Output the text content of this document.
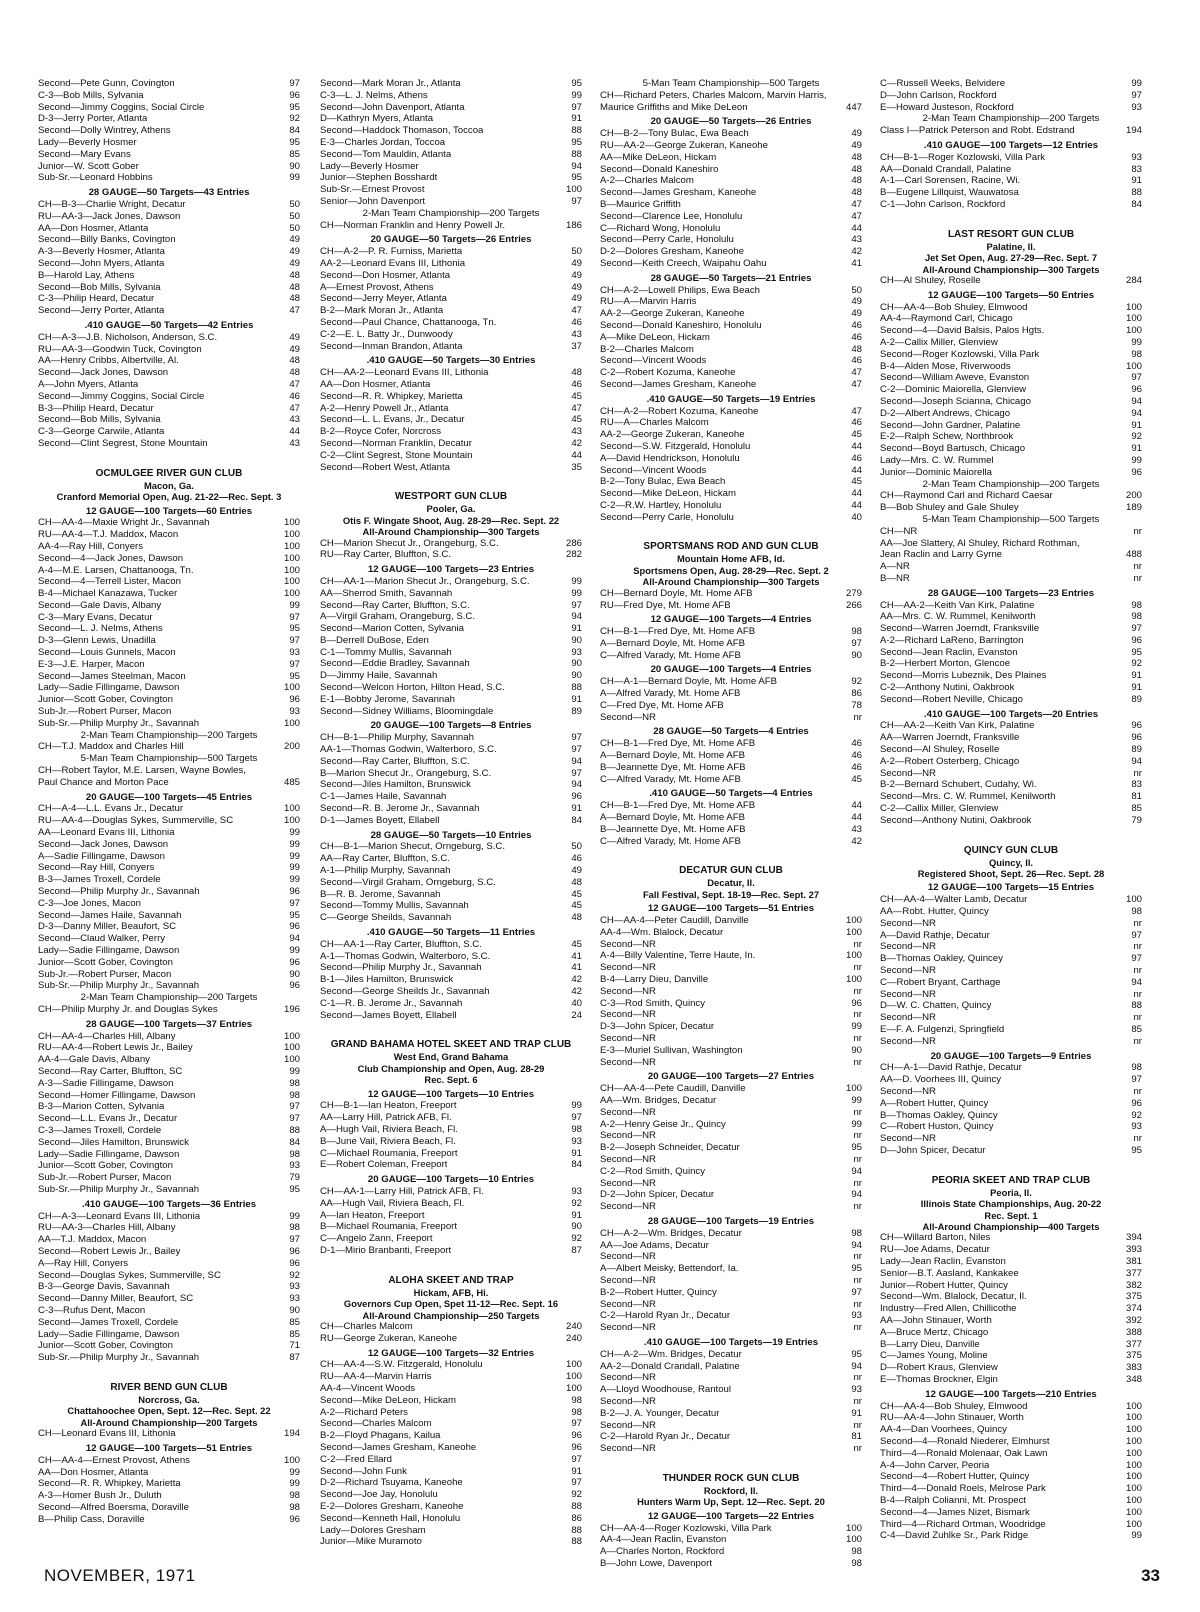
Second—Pete Gunn, Covington	97
C-3—Bob Mills, Sylvania	96
Second—Jimmy Coggins, Social Circle	95
D-3—Jerry Porter, Atlanta	92
Second—Dolly Wintrey, Athens	84
Lady—Beverly Hosmer	95
Second—Mary Evans	85
Junior—W. Scott Gober	90
Sub-Sr.—Leonard Hobbins	99
28 GAUGE—50 Targets—43 Entries
CH—B-3—Charlie Wright, Decatur	50
RU—AA-3—Jack Jones, Dawson	50
AA—Don Hosmer, Atlanta	50
Second—Billy Banks, Covington	49
A-3—Beverly Hosmer, Atlanta	49
Second—John Myers, Atlanta	49
B—Harold Lay, Athens	48
Second—Bob Mills, Sylvania	48
C-3—Philip Heard, Decatur	48
Second—Jerry Porter, Atlanta	47
.410 GAUGE—50 Targets—42 Entries
CH—A-3—J.B. Nicholson, Anderson, S.C.	49
RU—AA-3—Goodwin Tuck, Covington	49
AA—Henry Cribbs, Albertville, Al.	48
Second—Jack Jones, Dawson	48
A—John Myers, Atlanta	47
Second—Jimmy Coggins, Social Circle	46
B-3—Philip Heard, Decatur	47
Second—Bob Mills, Sylvania	43
C-3—George Carwile, Atlanta	44
Second—Clint Segrest, Stone Mountain	43
OCMULGEE RIVER GUN CLUB
Macon, Ga.
Cranford Memorial Open, Aug. 21-22—Rec. Sept. 3
12 GAUGE—100 Targets—60 Entries
CH—AA-4—Maxie Wright Jr., Savannah	100
RU—AA-4—T.J. Maddox, Macon	100
AA-4—Ray Hill, Conyers	100
Second—4—Jack Jones, Dawson	100
A-4—M.E. Larsen, Chattanooga, Tn.	100
Second—4—Terrell Lister, Macon	100
B-4—Michael Kanazawa, Tucker	100
Second—Gale Davis, Albany	99
C-3—Mary Evans, Decatur	97
Second—L. J. Nelms, Athens	95
D-3—Glenn Lewis, Unadilla	97
Second—Louis Gunnels, Macon	93
E-3—J.E. Harper, Macon	97
Second—James Steelman, Macon	95
Lady—Sadie Fillingame, Dawson	100
Junior—Scott Gober, Covington	96
Sub-Jr.—Robert Purser, Macon	93
Sub-Sr.—Philip Murphy Jr., Savannah	100
2-Man Team Championship—200 Targets
CH—T.J. Maddox and Charles Hill	200
5-Man Team Championship—500 Targets
CH—Robert Taylor, M.E. Larsen, Wayne Bowles,
Paul Chance and Morton Pace	485
20 GAUGE—100 Targets—45 Entries
CH—A-4—L.L. Evans Jr., Decatur	100
RU—AA-4—Douglas Sykes, Summerville, SC	100
AA—Leonard Evans III, Lithonia	99
Second—Jack Jones, Dawson	99
A—Sadie Fillingame, Dawson	99
Second—Ray Hill, Conyers	99
B-3—James Troxell, Cordele	99
Second—Philip Murphy Jr., Savannah	96
C-3—Joe Jones, Macon	97
Second—James Haile, Savannah	95
D-3—Danny Miller, Beaufort, SC	96
Second—Claud Walker, Perry	94
Lady—Sadie Fillingame, Dawson	99
Junior—Scott Gober, Covington	96
Sub-Jr.—Robert Purser, Macon	90
Sub-Sr.—Philip Murphy Jr., Savannah	96
2-Man Team Championship—200 Targets
CH—Philip Murphy Jr. and Douglas Sykes	196
28 GAUGE—100 Targets—37 Entries
CH—AA-4—Charles Hill, Albany	100
RU—AA-4—Robert Lewis Jr., Bailey	100
AA-4—Gale Davis, Albany	100
Second—Ray Carter, Bluffton, SC	99
A-3—Sadie Fillingame, Dawson	98
Second—Homer Fillingame, Dawson	98
B-3—Marion Cotten, Sylvania	97
Second—L.L. Evans Jr., Decatur	97
C-3—James Troxell, Cordele	88
Second—Jiles Hamilton, Brunswick	84
Lady—Sadie Fillingame, Dawson	98
Junior—Scott Gober, Covington	93
Sub-Jr.—Robert Purser, Macon	79
Sub-Sr.—Philip Murphy Jr., Savannah	95
.410 GAUGE—100 Targets—36 Entries
CH—A-3—Leonard Evans III, Lithonia	99
RU—AA-3—Charles Hill, Albany	98
AA—T.J. Maddox, Macon	97
Second—Robert Lewis Jr., Bailey	96
A—Ray Hill, Conyers	96
Second—Douglas Sykes, Summerville, SC	92
B-3—George Davis, Savannah	93
Second—Danny Miller, Beaufort, SC	93
C-3—Rufus Dent, Macon	90
Second—James Troxell, Cordele	85
Lady—Sadie Fillingame, Dawson	85
Junior—Scott Gober, Covington	71
Sub-Sr.—Philip Murphy Jr., Savannah	87
RIVER BEND GUN CLUB
Norcross, Ga.
Chattahoochee Open, Sept. 12—Rec. Sept. 22
All-Around Championship—200 Targets
CH—Leonard Evans III, Lithonia	194
12 GAUGE—100 Targets—51 Entries
CH—AA-4—Ernest Provost, Athens	100
AA—Don Hosmer, Atlanta	99
Second—R. R. Whipkey, Marietta	99
A-3—Homer Bush Jr., Duluth	98
Second—Alfred Boersma, Doraville	98
B—Philip Cass, Doraville	96
Second—Mark Moran Jr., Atlanta	95
C-3—L. J. Nelms, Athens	99
Second—John Davenport, Atlanta	97
D—Kathryn Myers, Atlanta	91
Second—Haddock Thomason, Toccoa	88
E-3—Charles Jordan, Toccoa	95
Second—Tom Mauldin, Atlanta	88
Lady—Beverly Hosmer	94
Junior—Stephen Bosshardt	95
Sub-Sr.—Ernest Provost	100
Senior—John Davenport	97
2-Man Team Championship—200 Targets
CH—Norman Franklin and Henry Powell Jr.	186
20 GAUGE—50 Targets—26 Entries
CH—A-2—P. R. Furniss, Marietta	50
AA-2—Leonard Evans III, Lithonia	49
Second—Don Hosmer, Atlanta	49
A—Ernest Provost, Athens	49
Second—Jerry Meyer, Atlanta	49
B-2—Mark Moran Jr., Atlanta	47
Second—Paul Chance, Chattanooga, Tn.	46
C-2—E. L. Batty Jr., Dunwoody	43
Second—Inman Brandon, Atlanta	37
.410 GAUGE—50 Targets—30 Entries
CH—AA-2—Leonard Evans III, Lithonia	48
AA—Don Hosmer, Atlanta	46
Second—R. R. Whipkey, Marietta	45
A-2—Henry Powell Jr., Atlanta	47
Second—L. L. Evans, Jr., Decatur	45
B-2—Royce Cofer, Norcross	43
Second—Norman Franklin, Decatur	42
C-2—Clint Segrest, Stone Mountain	44
Second—Robert West, Atlanta	35
WESTPORT GUN CLUB
Pooler, Ga.
Otis F. Wingate Shoot, Aug. 28-29—Rec. Sept. 22
All-Around Championship—300 Targets
CH—Marion Shecut Jr., Orangeburg, S.C.	286
RU—Ray Carter, Bluffton, S.C.	282
12 GAUGE—100 Targets—23 Entries
CH—AA-1—Marion Shecut Jr., Orangeburg, S.C.	99
AA—Sherrod Smith, Savannah	99
Second—Ray Carter, Bluffton, S.C.	97
A—Virgil Graham, Orangeburg, S.C.	94
Second—Marion Cotten, Sylvania	91
B—Derrell DuBose, Eden	90
C-1—Tommy Mullis, Savannah	93
Second—Eddie Bradley, Savannah	90
D—Jimmy Haile, Savannah	90
Second—Welcon Horton, Hilton Head, S.C.	88
E-1—Bobby Jerome, Savannah	91
Second—Sidney Williams, Bloomingdale	89
20 GAUGE—100 Targets—8 Entries
CH—B-1—Philip Murphy, Savannah	97
AA-1—Thomas Godwin, Walterboro, S.C.	97
Second—Ray Carter, Bluffton, S.C.	94
B—Marion Shecut Jr., Orangeburg, S.C.	97
Second—Jiles Hamilton, Brunswick	94
C-1—James Haile, Savannah	96
Second—R. B. Jerome Jr., Savannah	91
D-1—James Boyett, Ellabell	84
28 GAUGE—50 Targets—10 Entries
CH—B-1—Marion Shecut, Orngeburg, S.C.	50
AA—Ray Carter, Bluffton, S.C.	46
A-1—Philip Murphy, Savannah	49
Second—Virgil Graham, Orngeburg, S.C.	48
B—R. B. Jerome, Savannah	45
Second—Tommy Mullis, Savannah	45
C—George Sheilds, Savannah	48
.410 GAUGE—50 Targets—11 Entries
CH—AA-1—Ray Carter, Bluffton, S.C.	45
A-1—Thomas Godwin, Walterboro, S.C.	41
Second—Philip Murphy Jr., Savannah	41
B-1—Jiles Hamilton, Brunswick	42
Second—George Sheilds Jr., Savannah	42
C-1—R. B. Jerome Jr., Savannah	40
Second—James Boyett, Ellabell	24
GRAND BAHAMA HOTEL SKEET AND TRAP CLUB
West End, Grand Bahama
Club Championship and Open, Aug. 28-29
Rec. Sept. 6
12 GAUGE—100 Targets—10 Entries
CH—B-1—Ian Heaton, Freeport	99
AA—Larry Hill, Patrick AFB, Fl.	97
A—Hugh Vail, Riviera Beach, Fl.	98
B—June Vail, Riviera Beach, Fl.	93
C—Michael Roumania, Freeport	91
E—Robert Coleman, Freeport	84
20 GAUGE—100 Targets—10 Entries
CH—AA-1—Larry Hill, Patrick AFB, Fl.	93
AA—Hugh Vail, Riviera Beach, Fl.	92
A—Ian Heaton, Freeport	91
B—Michael Roumania, Freeport	90
C—Angelo Zann, Freeport	92
D-1—Mirio Branbanti, Freeport	87
ALOHA SKEET AND TRAP
Hickam, AFB, Hi.
Governors Cup Open, Spet 11-12—Rec. Sept. 16
All-Around Championship—250 Targets
CH—Charles Malcom	240
RU—George Zukeran, Kaneohe	240
12 GAUGE—100 Targets—32 Entries
CH—AA-4—S.W. Fitzgerald, Honolulu	100
RU—AA-4—Marvin Harris	100
AA-4—Vincent Woods	100
Second—Mike DeLeon, Hickam	98
A-2—Richard Peters	98
Second—Charles Malcom	97
B-2—Floyd Phagans, Kailua	96
Second—James Gresham, Kaneohe	96
C-2—Fred Ellard	97
Second—John Funk	91
D-2—Richard Tsuyama, Kaneohe	97
Second—Joe Jay, Honolulu	92
E-2—Dolores Gresham, Kaneohe	88
Second—Kenneth Hall, Honolulu	86
Lady—Dolores Gresham	88
Junior—Mike Muramoto	88
5-Man Team Championship—500 Targets
CH—Richard Peters, Charles Malcom, Marvin Harris,
Maurice Griffiths and Mike DeLeon	447
20 GAUGE—50 Targets—26 Entries
CH—B-2—Tony Bulac, Ewa Beach	49
RU—AA-2—George Zukeran, Kaneohe	49
AA—Mike DeLeon, Hickam	48
Second—Donald Kaneshiro	48
A-2—Charles Malcom	48
Second—James Gresham, Kaneohe	48
B—Maurice Griffith	47
Second—Clarence Lee, Honolulu	47
C—Richard Wong, Honolulu	44
Second—Perry Carle, Honolulu	43
D-2—Dolores Gresham, Kaneohe	42
Second—Keith Creech, Waipahu Oahu	41
28 GAUGE—50 Targets—21 Entries
CH—A-2—Lowell Philips, Ewa Beach	50
RU—A—Marvin Harris	49
AA-2—George Zukeran, Kaneohe	49
Second—Donald Kaneshiro, Honolulu	46
A—Mike DeLeon, Hickam	46
B-2—Charles Malcom	48
Second—Vincent Woods	46
C-2—Robert Kozuma, Kaneohe	47
Second—James Gresham, Kaneohe	47
.410 GAUGE—50 Targets—19 Entries
CH—A-2—Robert Kozuma, Kaneohe	47
RU—A—Charles Malcom	46
AA-2—George Zukeran, Kaneohe	45
Second—S.W. Fitzgerald, Honolulu	44
A—David Hendrickson, Honolulu	46
Second—Vincent Woods	44
B-2—Tony Bulac, Ewa Beach	45
Second—Mike DeLeon, Hickam	44
C-2—R.W. Hartley, Honolulu	44
Second—Perry Carle, Honolulu	40
SPORTSMANS ROD AND GUN CLUB
Mountain Home AFB, Id.
Sportsmens Open, Aug. 28-29—Rec. Sept. 2
All-Around Championship—300 Targets
CH—Bernard Doyle, Mt. Home AFB	279
RU—Fred Dye, Mt. Home AFB	266
12 GAUGE—100 Targets—4 Entries
CH—B-1—Fred Dye, Mt. Home AFB	98
A—Bernard Doyle, Mt. Home AFB	97
C—Alfred Varady, Mt. Home AFB	90
20 GAUGE—100 Targets—4 Entries
CH—A-1—Bernard Doyle, Mt. Home AFB	92
A—Alfred Varady, Mt. Home AFB	86
C—Fred Dye, Mt. Home AFB	78
Second—NR	nr
28 GAUGE—50 Targets—4 Entries
CH—B-1—Fred Dye, Mt. Home AFB	46
A—Bernard Doyle, Mt. Home AFB	46
B—Jeannette Dye, Mt. Home AFB	46
C—Alfred Varady, Mt. Home AFB	45
.410 GAUGE—50 Targets—4 Entries
CH—B-1—Fred Dye, Mt. Home AFB	44
A—Bernard Doyle, Mt. Home AFB	44
B—Jeannette Dye, Mt. Home AFB	43
C—Alfred Varady, Mt. Home AFB	42
DECATUR GUN CLUB
Decatur, Il.
Fall Festival, Sept. 18-19—Rec. Sept. 27
12 GAUGE—100 Targets—51 Entries
CH—AA-4—Peter Caudill, Danville	100
AA-4—Wm. Blalock, Decatur	100
Second—NR	nr
A-4—Billy Valentine, Terre Haute, In.	100
Second—NR	nr
B-4—Larry Dieu, Danville	100
Second—NR	nr
C-3—Rod Smith, Quincy	96
Second—NR	nr
D-3—John Spicer, Decatur	99
Second—NR	nr
E-3—Muriel Sullivan, Washington	90
Second—NR	nr
20 GAUGE—100 Targets—27 Entries
CH—AA-4—Pete Caudill, Danville	100
AA—Wm. Bridges, Decatur	99
Second—NR	nr
A-2—Henry Geise Jr., Quincy	99
Second—NR	nr
B-2—Joseph Schneider, Decatur	95
Second—NR	nr
C-2—Rod Smith, Quincy	94
Second—NR	nr
D-2—John Spicer, Decatur	94
Second—NR	nr
28 GAUGE—100 Targets—19 Entries
CH—A-2—Wm. Bridges, Decatur	98
AA—Joe Adams, Decatur	94
Second—NR	nr
A—Albert Meisky, Bettendorf, Ia.	95
Second—NR	nr
B-2—Robert Hutter, Quincy	97
Second—NR	nr
C-2—Harold Ryan Jr., Decatur	93
Second—NR	nr
.410 GAUGE—100 Targets—19 Entries
CH—A-2—Wm. Bridges, Decatur	95
AA-2—Donald Crandall, Palatine	94
Second—NR	nr
A—Lloyd Woodhouse, Rantoul	93
Second—NR	nr
B-2—J. A. Younger, Decatur	91
Second—NR	nr
C-2—Harold Ryan Jr., Decatur	81
Second—NR	nr
THUNDER ROCK GUN CLUB
Rockford, Il.
Hunters Warm Up, Sept. 12—Rec. Sept. 20
12 GAUGE—100 Targets—22 Entries
CH—AA-4—Roger Kozlowski, Villa Park	100
AA-4—Jean Raclin, Evanston	100
A—Charles Norton, Rockford	98
B—John Lowe, Davenport	98
C—Russell Weeks, Belvidere	99
D—John Carlson, Rockford	97
E—Howard Justeson, Rockford	93
2-Man Team Championship—200 Targets
Class I—Patrick Peterson and Robt. Edstrand	194
.410 GAUGE—100 Targets—12 Entries
CH—B-1—Roger Kozlowski, Villa Park	93
AA—Donald Crandall, Palatine	83
A-1—Carl Sorensen, Racine, Wi.	91
B—Eugene Lillquist, Wauwatosa	88
C-1—John Carlson, Rockford	84
LAST RESORT GUN CLUB
Palatine, Il.
Jet Set Open, Aug. 27-29—Rec. Sept. 7
All-Around Championship—300 Targets
CH—Al Shuley, Roselle	284
12 GAUGE—100 Targets—50 Entries
CH—AA-4—Bob Shuley, Elmwood	100
AA-4—Raymond Carl, Chicago	100
Second—4—David Balsis, Palos Hgts.	100
A-2—Callix Miller, Glenview	99
Second—Roger Kozlowski, Villa Park	98
B-4—Alden Mose, Riverwoods	100
Second—William Aweve, Evanston	97
C-2—Dominic Maiorella, Glenview	96
Second—Joseph Scianna, Chicago	94
D-2—Albert Andrews, Chicago	94
Second—John Gardner, Palatine	91
E-2—Ralph Schew, Northbrook	92
Second—Boyd Bartusch, Chicago	91
Lady—Mrs. C. W. Rummel	99
Junior—Dominic Maiorella	96
2-Man Team Championship—200 Targets
CH—Raymond Carl and Richard Caesar	200
B—Bob Shuley and Gale Shuley	189
5-Man Team Championship—500 Targets
CH—NR	nr
AA—Joe Slattery, Al Shuley, Richard Rothman,
Jean Raclin and Larry Gyrne	488
A—NR	nr
B—NR	nr
28 GAUGE—100 Targets—23 Entries
CH—AA-2—Keith Van Kirk, Palatine	98
AA—Mrs. C. W. Rummel, Kenilworth	98
Second—Warren Joerndt, Franksville	97
A-2—Richard LaReno, Barrington	96
Second—Jean Raclin, Evanston	95
B-2—Herbert Morton, Glencoe	92
Second—Morris Lubeznik, Des Plaines	91
C-2—Anthony Nutini, Oakbrook	91
Second—Robert Neville, Chicago	89
.410 GAUGE—100 Targets—20 Entries
CH—AA-2—Keith Van Kirk, Palatine	96
AA—Warren Joerndt, Franksville	96
Second—Al Shuley, Roselle	89
A-2—Robert Osterberg, Chicago	94
Second—NR	nr
B-2—Bernard Schubert, Cudahy, Wi.	83
Second—Mrs. C. W. Rummel, Kenilworth	81
C-2—Callix Miller, Glenview	85
Second—Anthony Nutini, Oakbrook	79
QUINCY GUN CLUB
Quincy, Il.
Registered Shoot, Sept. 26—Rec. Sept. 28
12 GAUGE—100 Targets—15 Entries
CH—AA-4—Walter Lamb, Decatur	100
AA—Robt. Hutter, Quincy	98
Second—NR	nr
A—David Rathje, Decatur	97
Second—NR	nr
B—Thomas Oakley, Quincey	97
Second—NR	nr
C—Robert Bryant, Carthage	94
Second—NR	nr
D—W. C. Chatten, Quincy	88
Second—NR	nr
E—F. A. Fulgenzi, Springfield	85
Second—NR	nr
20 GAUGE—100 Targets—9 Entries
CH—A-1—David Rathje, Decatur	98
AA—D. Voorhees III, Quincy	97
Second—NR	nr
A—Robert Hutter, Quincy	96
B—Thomas Oakley, Quincy	92
C—Robert Huston, Quincy	93
Second—NR	nr
D—John Spicer, Decatur	95
PEORIA SKEET AND TRAP CLUB
Peoria, Il.
Illinois State Championships, Aug. 20-22
Rec. Sept. 1
All-Around Championship—400 Targets
CH—Willard Barton, Niles	394
RU—Joe Adams, Decatur	393
Lady—Jean Raclin, Evanston	381
Senior—B.T. Aasland, Kankakee	377
Junior—Robert Hutter, Quincy	382
Second—Wm. Blalock, Decatur, Il.	375
Industry—Fred Allen, Chillicothe	374
AA—John Stinauer, Worth	392
A—Bruce Mertz, Chicago	388
B—Larry Dieu, Danville	377
C—James Young, Moline	375
D—Robert Kraus, Glenview	383
E—Thomas Brockner, Elgin	348
12 GAUGE—100 Targets—210 Entries
CH—AA-4—Bob Shuley, Elmwood	100
RU—AA-4—John Stinauer, Worth	100
AA-4—Dan Voorhees, Quincy	100
Second—4—Ronald Niederer, Elmhurst	100
Third—4—Ronald Molenaar, Oak Lawn	100
A-4—John Carver, Peoria	100
Second—4—Robert Hutter, Quincy	100
Third—4—Donald Roels, Melrose Park	100
B-4—Ralph Colianni, Mt. Prospect	100
Second—4—James Nizet, Bismark	100
Third—4—Richard Ortman, Woodridge	100
C-4—David Zuhlke Sr., Park Ridge	99
NOVEMBER, 1971	33
